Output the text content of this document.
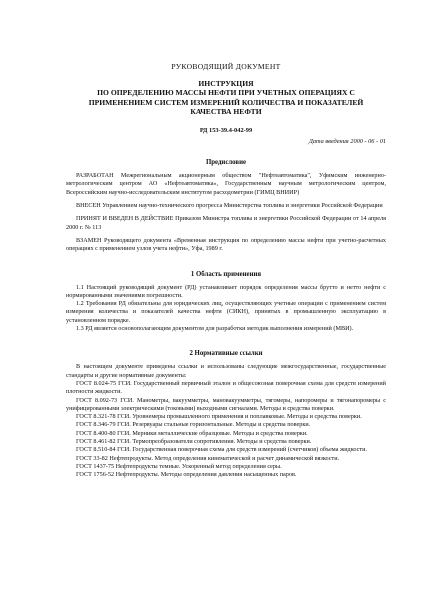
РУКОВОДЯЩИЙ ДОКУМЕНТ
ИНСТРУКЦИЯ
ПО ОПРЕДЕЛЕНИЮ МАССЫ НЕФТИ ПРИ УЧЕТНЫХ ОПЕРАЦИЯХ С
ПРИМЕНЕНИЕМ СИСТЕМ ИЗМЕРЕНИЙ КОЛИЧЕСТВА И ПОКАЗАТЕЛЕЙ
КАЧЕСТВА НЕФТИ
РД 153-39.4-042-99
Дата введения 2000 - 06 - 01
Предисловие

РАЗРАБОТАН Межрегиональным акционерным обществом "Нефтеавтоматика", Уфимским инженерно-метрологическим центром АО «Нефтеавтоматика», Государственным научным метрологическим центром, Всероссийским научно-исследовательским институтом расходометрии (ГИМЦ ВНИИР)

ВНЕСЕН Управлением научно-технического прогресса Министерства топлива и энергетики Российской Федерации

ПРИНЯТ И ВВЕДЕН В ДЕЙСТВИЕ Приказом Министра топлива и энергетики Российской Федерации от 14 апреля 2000 г. № 113

ВЗАМЕН Руководящего документа «Временная инструкция по определению массы нефти при учетно-расчетных операциях с применением узлов учета нефти», Уфа, 1989 г.

1 Область применения

1.1 Настоящий руководящий документ (РД) устанавливает порядок определения массы брутто и нетто нефти с нормированными значениями погрешности.

1.2 Требования РД обязательны для юридических лиц, осуществляющих учетные операции с применением систем измерения количества и показателей качества нефти (СИКН), принятых в промышленную эксплуатацию в установленном порядке.

1.3 РД является основополагающим документом для разработки методик выполнения измерений (МВИ).

2 Нормативные ссылки

В настоящем документе приведены ссылки и использованы следующие межгосударственные, государственные стандарты и другие нормативные документы:

ГОСТ 8.024-75 ГСИ. Государственный первичный эталон и общесоюзная поверочная схема для средств измерений плотности жидкости.

ГОСТ 8.092-73 ГСИ. Манометры, вакуумметры, мановакуумметры, тягомеры, напоромеры и тягонапоромеры с унифицированными электрическими (токовыми) выходными сигналами. Методы и средства поверки.

ГОСТ 8.321-78 ГСИ. Уровнемеры промышленного применения и поплавковые. Методы и средства поверки.

ГОСТ 8.346-79 ГСИ. Резервуары стальные горизонтальные. Методы и средства поверки.

ГОСТ 8.400-80 ГСИ. Мерники металлические образцовые. Методы и средства поверки.

ГОСТ 8.461-82 ГСИ. Термопреобразователи сопротивления. Методы и средства поверки.

ГОСТ 8.510-84 ГСИ. Государственная поверочная схема для средств измерений (счетчиков) объема жидкости.

ГОСТ 33-82 Нефтепродукты. Метод определения кинематической и расчет динамической вязкости.

ГОСТ 1437-75 Нефтепродукты темные. Ускоренный метод определения серы.

ГОСТ 1756-52 Нефтепродукты. Методы определения давления насыщенных паров.
